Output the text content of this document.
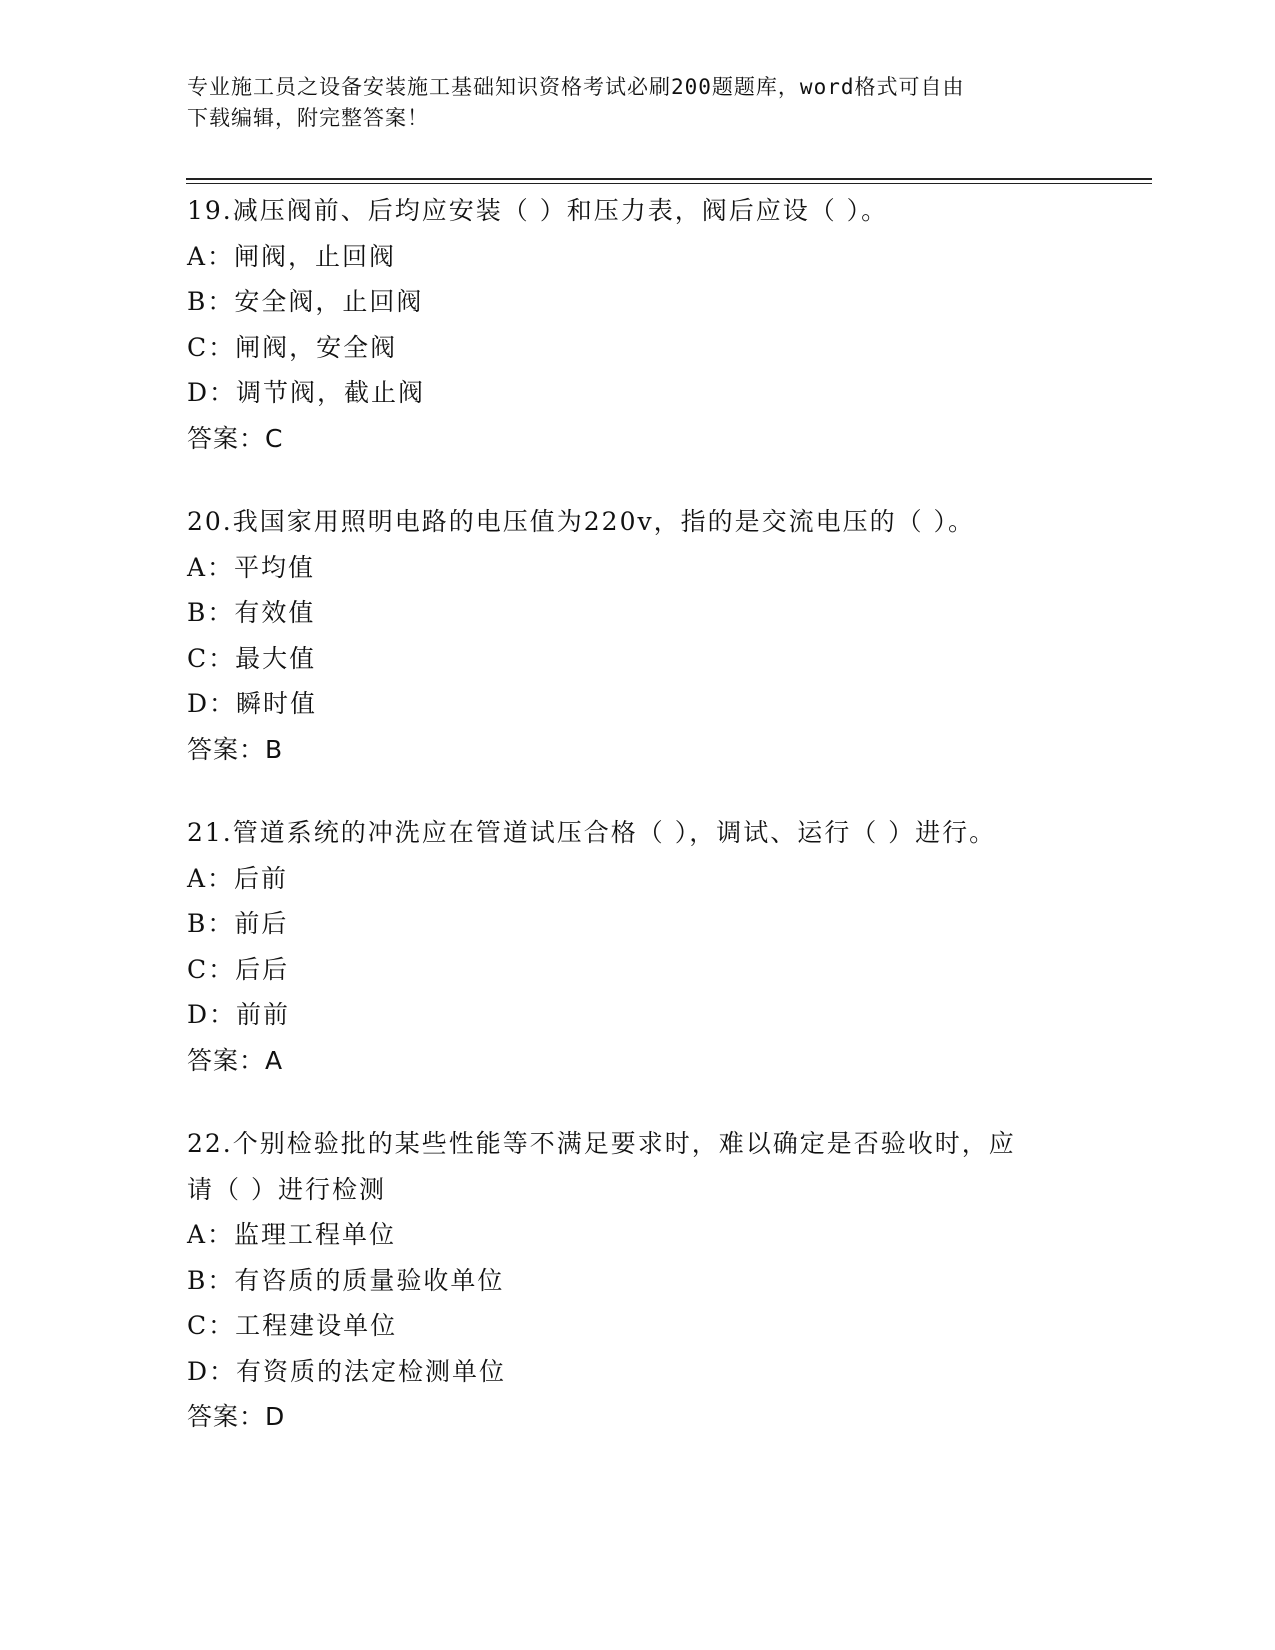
专业施工员之设备安装施工基础知识资格考试必刷200题题库，word格式可自由
下载编辑，附完整答案！
19.减压阀前、后均应安装（ ）和压力表，阀后应设（ ）。
A：闸阀，止回阀
B：安全阀，止回阀
C：闸阀，安全阀
D：调节阀，截止阀
答案：C
20.我国家用照明电路的电压值为220v，指的是交流电压的（ ）。
A：平均值
B：有效值
C：最大值
D：瞬时值
答案：B
21.管道系统的冲洗应在管道试压合格（ ），调试、运行（ ）进行。
A：后前
B：前后
C：后后
D：前前
答案：A
22.个别检验批的某些性能等不满足要求时，难以确定是否验收时，应
请（ ）进行检测
A：监理工程单位
B：有咨质的质量验收单位
C：工程建设单位
D：有资质的法定检测单位
答案：D
